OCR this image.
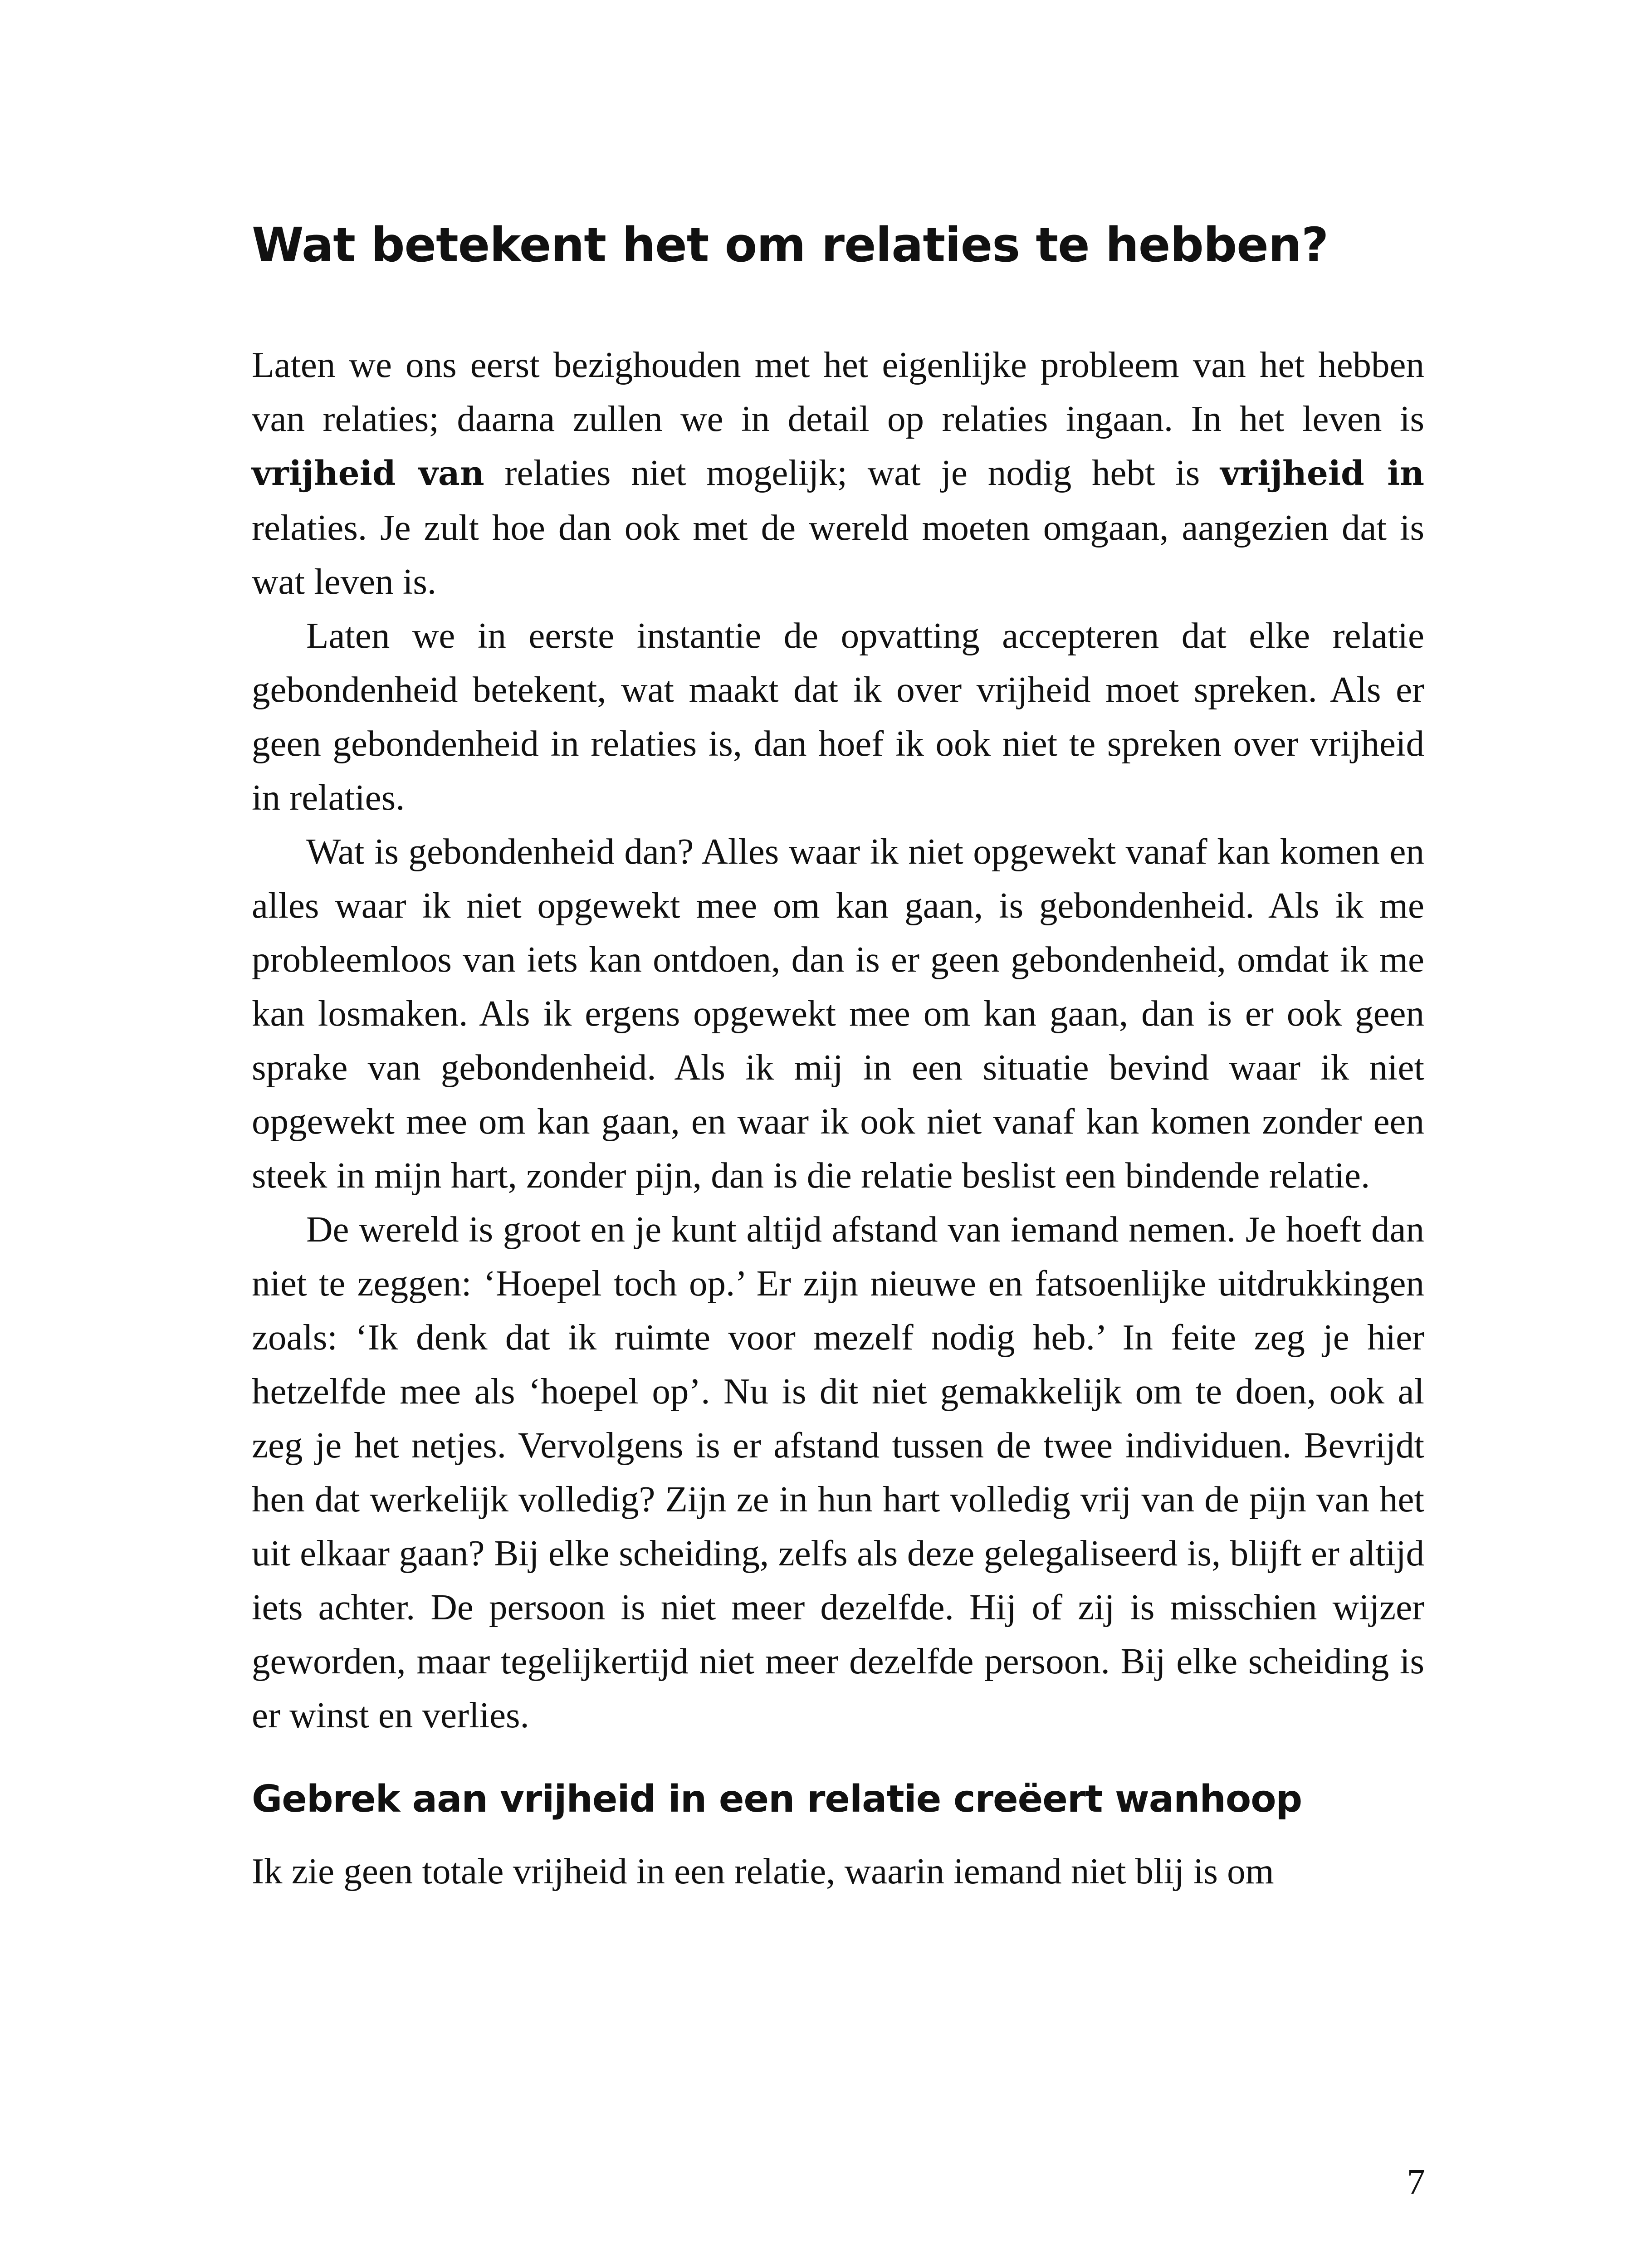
Wat betekent het om relaties te hebben?

Laten we ons eerst bezighouden met het eigenlijke probleem van het hebben van relaties; daarna zullen we in detail op relaties ingaan. In het leven is vrijheid van relaties niet mogelijk; wat je nodig hebt is vrijheid in relaties. Je zult hoe dan ook met de wereld moeten omgaan, aangezien dat is wat leven is.

Laten we in eerste instantie de opvatting accepteren dat elke relatie gebondenheid betekent, wat maakt dat ik over vrijheid moet spreken. Als er geen gebondenheid in relaties is, dan hoef ik ook niet te spreken over vrijheid in relaties.

Wat is gebondenheid dan? Alles waar ik niet opgewekt vanaf kan komen en alles waar ik niet opgewekt mee om kan gaan, is gebondenheid. Als ik me probleemloos van iets kan ontdoen, dan is er geen gebondenheid, omdat ik me kan losmaken. Als ik ergens opgewekt mee om kan gaan, dan is er ook geen sprake van gebondenheid. Als ik mij in een situatie bevind waar ik niet opgewekt mee om kan gaan, en waar ik ook niet vanaf kan komen zonder een steek in mijn hart, zonder pijn, dan is die relatie beslist een bindende relatie.

De wereld is groot en je kunt altijd afstand van iemand nemen. Je hoeft dan niet te zeggen: ‘Hoepel toch op.’ Er zijn nieuwe en fatsoenlijke uitdrukkingen zoals: ‘Ik denk dat ik ruimte voor mezelf nodig heb.’ In feite zeg je hier hetzelfde mee als ‘hoepel op’. Nu is dit niet gemakkelijk om te doen, ook al zeg je het netjes. Vervolgens is er afstand tussen de twee individuen. Bevrijdt hen dat werkelijk volledig? Zijn ze in hun hart volledig vrij van de pijn van het uit elkaar gaan? Bij elke scheiding, zelfs als deze gelegaliseerd is, blijft er altijd iets achter. De persoon is niet meer dezelfde. Hij of zij is misschien wijzer geworden, maar tegelijkertijd niet meer dezelfde persoon. Bij elke scheiding is er winst en verlies.

Gebrek aan vrijheid in een relatie creëert wanhoop

Ik zie geen totale vrijheid in een relatie, waarin iemand niet blij is om

7
